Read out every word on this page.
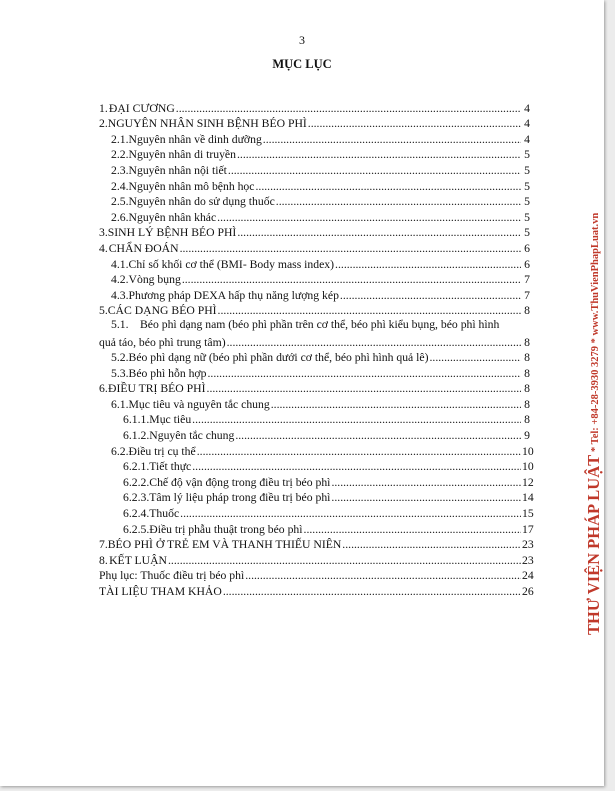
3
MỤC LỤC
1. ĐẠI CƯƠNG .....	4
2. NGUYÊN NHÂN SINH BỆNH BÉO PHÌ .....	4
2.1. Nguyên nhân về dinh dưỡng .....	4
2.2. Nguyên nhân di truyền .....	5
2.3. Nguyên nhân nội tiết .....	5
2.4. Nguyên nhân mô bệnh học .....	5
2.5. Nguyên nhân do sử dụng thuốc .....	5
2.6. Nguyên nhân khác .....	5
3. SINH LÝ BỆNH BÉO PHÌ .....	5
4. CHẨN ĐOÁN .....	6
4.1. Chỉ số khối cơ thể (BMI- Body mass index) .....	6
4.2. Vòng bụng .....	7
4.3. Phương pháp DEXA hấp thụ năng lượng kép .....	7
5. CÁC DẠNG BÉO PHÌ .....	8
5.1. Béo phì dạng nam (béo phì phần trên cơ thể, béo phì kiểu bụng, béo phì hình
quả táo, béo phì trung tâm) .....	8
5.2. Béo phì dạng nữ (béo phì phần dưới cơ thể, béo phì hình quả lê) .....	8
5.3. Béo phì hỗn hợp .....	8
6. ĐIỀU TRỊ BÉO PHÌ .....	8
6.1. Mục tiêu và nguyên tắc chung .....	8
6.1.1. Mục tiêu .....	8
6.1.2. Nguyên tắc chung .....	9
6.2. Điều trị cụ thể .....	10
6.2.1. Tiết thực .....	10
6.2.2. Chế độ vận động trong điều trị béo phì .....	12
6.2.3. Tâm lý liệu pháp trong điều trị béo phì .....	14
6.2.4. Thuốc .....	15
6.2.5. Điều trị phẫu thuật trong béo phì .....	17
7. BÉO PHÌ Ở TRẺ EM VÀ THANH THIẾU NIÊN .....	23
8. KẾT LUẬN .....	23
Phụ lục: Thuốc điều trị béo phì .....	24
TÀI LIỆU THAM KHẢO .....	26	THƯ VIỆN PHÁP LUẬT
* Tel: +84-28-3930 3279 * www.ThuVienPhapLuat.vn
